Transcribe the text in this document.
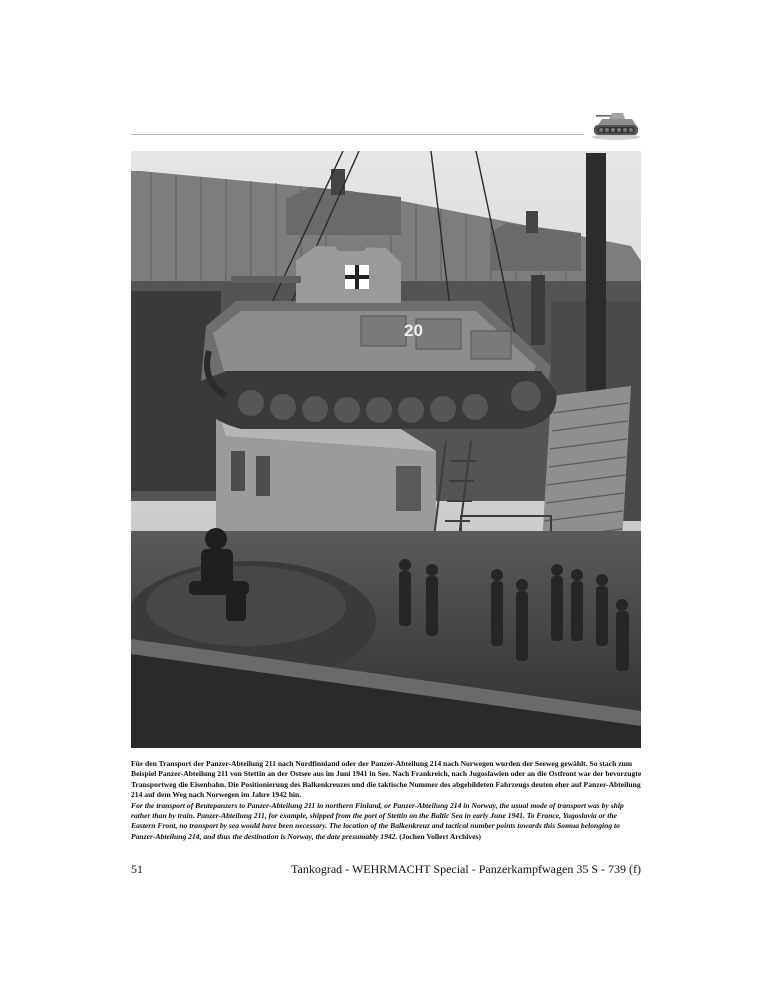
20

Für den Transport der Panzer-Abteilung 211 nach Nordfinnland oder der Panzer-Abteilung 214 nach Norwegen wurden der Seeweg gewählt. So stach zum Beispiel Panzer-Abteilung 211 von Stettin an der Ostsee aus im Juni 1941 in See. Nach Frankreich, nach Jugoslawien oder an die Ostfront war der bevorzugte Transportweg die Eisenbahn. Die Positionierung des Balkenkreuzes und die taktische Nummer des abgebildeten Fahrzeugs deuten eher auf Panzer-Abteilung 214 auf dem Weg nach Norwegen im Jahre 1942 hin.

For the transport of Beutepanzers to Panzer-Abteilung 211 in northern Finland, or Panzer-Abteilung 214 in Norway, the usual mode of transport was by ship rather than by train. Panzer-Abteilung 211, for example, shipped from the port of Stettin on the Baltic Sea in early June 1941. To France, Yugoslavia or the Eastern Front, no transport by sea would have been necessary. The location of the Balkenkreuz and tactical number points towards this Somua belonging to Panzer-Abteilung 214, and thus the destination is Norway, the date presumably 1942. (Jochen Vollert Archives)

51	Tankograd - WEHRMACHT Special - Panzerkampfwagen 35 S - 739 (f)
